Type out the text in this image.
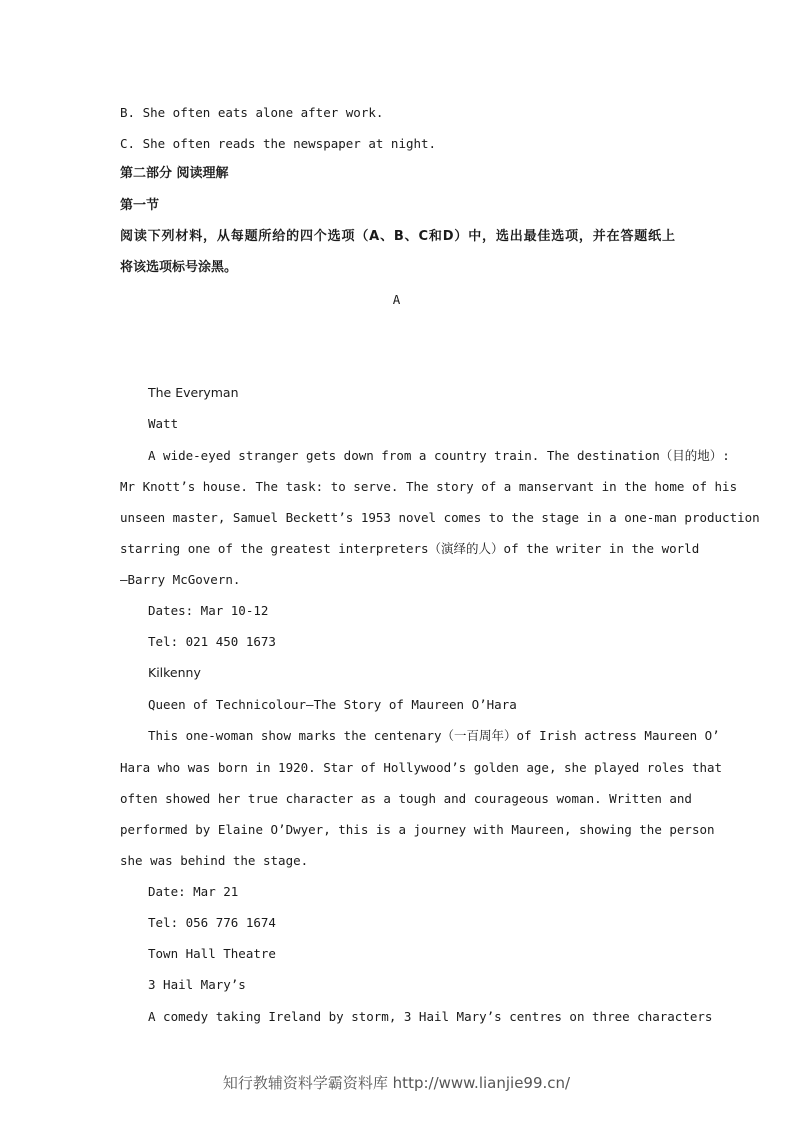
B. She often eats alone after work.
C. She often reads the newspaper at night.
第二部分 阅读理解
第一节
阅读下列材料，从每题所给的四个选项（A、B、C和D）中，选出最佳选项，并在答题纸上
将该选项标号涂黑。
A
The Everyman
Watt
A wide-eyed stranger gets down from a country train. The destination（目的地）:
Mr Knott’s house. The task: to serve. The story of a manservant in the home of his
unseen master, Samuel Beckett’s 1953 novel comes to the stage in a one-man production
starring one of the greatest interpreters（演绎的人）of the writer in the world
—Barry McGovern.
Dates: Mar 10-12
Tel: 021 450 1673
Kilkenny
Queen of Technicolour—The Story of Maureen O’Hara
This one-woman show marks the centenary（一百周年）of Irish actress Maureen O’
Hara who was born in 1920. Star of Hollywood’s golden age, she played roles that
often showed her true character as a tough and courageous woman. Written and
performed by Elaine O’Dwyer, this is a journey with Maureen, showing the person
she was behind the stage.
Date: Mar 21
Tel: 056 776 1674
Town Hall Theatre
3 Hail Mary’s
A comedy taking Ireland by storm, 3 Hail Mary’s centres on three characters
知行教辅资料学霸资料库 http://www.lianjie99.cn/
